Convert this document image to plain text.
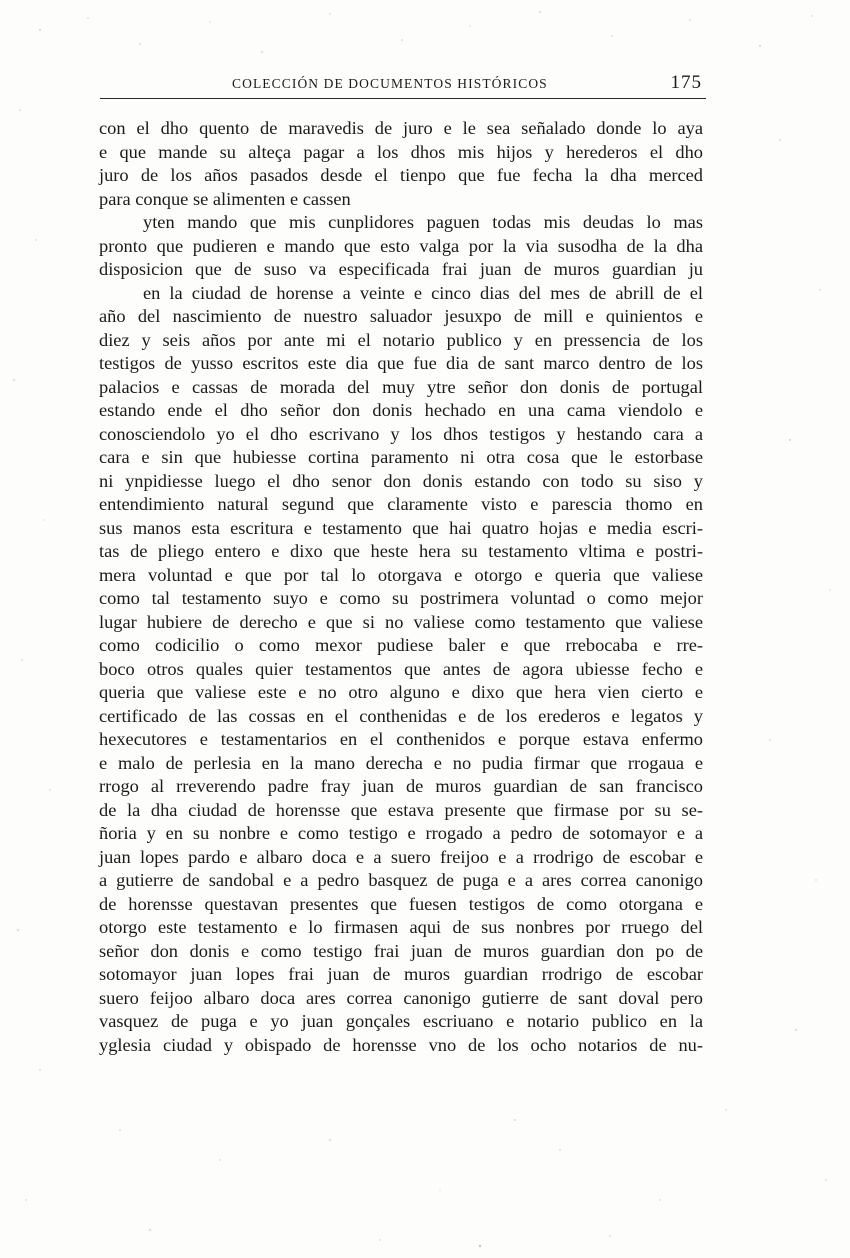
COLECCIÓN DE DOCUMENTOS HISTÓRICOS	175
con el dho quento de maravedis de juro e le sea señalado donde lo aya
e que mande su alteça pagar a los dhos mis hijos y herederos el dho
juro de los años pasados desde el tienpo que fue fecha la dha merced
para conque se alimenten e cassen
yten mando que mis cunplidores paguen todas mis deudas lo mas
pronto que pudieren e mando que esto valga por la via susodha de la dha
disposicion que de suso va especificada frai juan de muros guardian ju
en la ciudad de horense a veinte e cinco dias del mes de abrill de el
año del nascimiento de nuestro saluador jesuxpo de mill e quinientos e
diez y seis años por ante mi el notario publico y en pressencia de los
testigos de yusso escritos este dia que fue dia de sant marco dentro de los
palacios e cassas de morada del muy ytre señor don donis de portugal
estando ende el dho señor don donis hechado en una cama viendolo e
conosciendolo yo el dho escrivano y los dhos testigos y hestando cara a
cara e sin que hubiesse cortina paramento ni otra cosa que le estorbase
ni ynpidiesse luego el dho senor don donis estando con todo su siso y
entendimiento natural segund que claramente visto e parescia thomo en
sus manos esta escritura e testamento que hai quatro hojas e media escri-
tas de pliego entero e dixo que heste hera su testamento vltima e postri-
mera voluntad e que por tal lo otorgava e otorgo e queria que valiese
como tal testamento suyo e como su postrimera voluntad o como mejor
lugar hubiere de derecho e que si no valiese como testamento que valiese
como codicilio o como mexor pudiese baler e que rrebocaba e rre-
boco otros quales quier testamentos que antes de agora ubiesse fecho e
queria que valiese este e no otro alguno e dixo que hera vien cierto e
certificado de las cossas en el conthenidas e de los erederos e legatos y
hexecutores e testamentarios en el conthenidos e porque estava enfermo
e malo de perlesia en la mano derecha e no pudia firmar que rrogaua e
rrogo al rreverendo padre fray juan de muros guardian de san francisco
de la dha ciudad de horensse que estava presente que firmase por su se-
ñoria y en su nonbre e como testigo e rrogado a pedro de sotomayor e a
juan lopes pardo e albaro doca e a suero freijoo e a rrodrigo de escobar e
a gutierre de sandobal e a pedro basquez de puga e a ares correa canonigo
de horensse questavan presentes que fuesen testigos de como otorgana e
otorgo este testamento e lo firmasen aqui de sus nonbres por rruego del
señor don donis e como testigo frai juan de muros guardian don po de
sotomayor juan lopes frai juan de muros guardian rrodrigo de escobar
suero feijoo albaro doca ares correa canonigo gutierre de sant doval pero
vasquez de puga e yo juan gonçales escriuano e notario publico en la
yglesia ciudad y obispado de horensse vno de los ocho notarios de nu-
